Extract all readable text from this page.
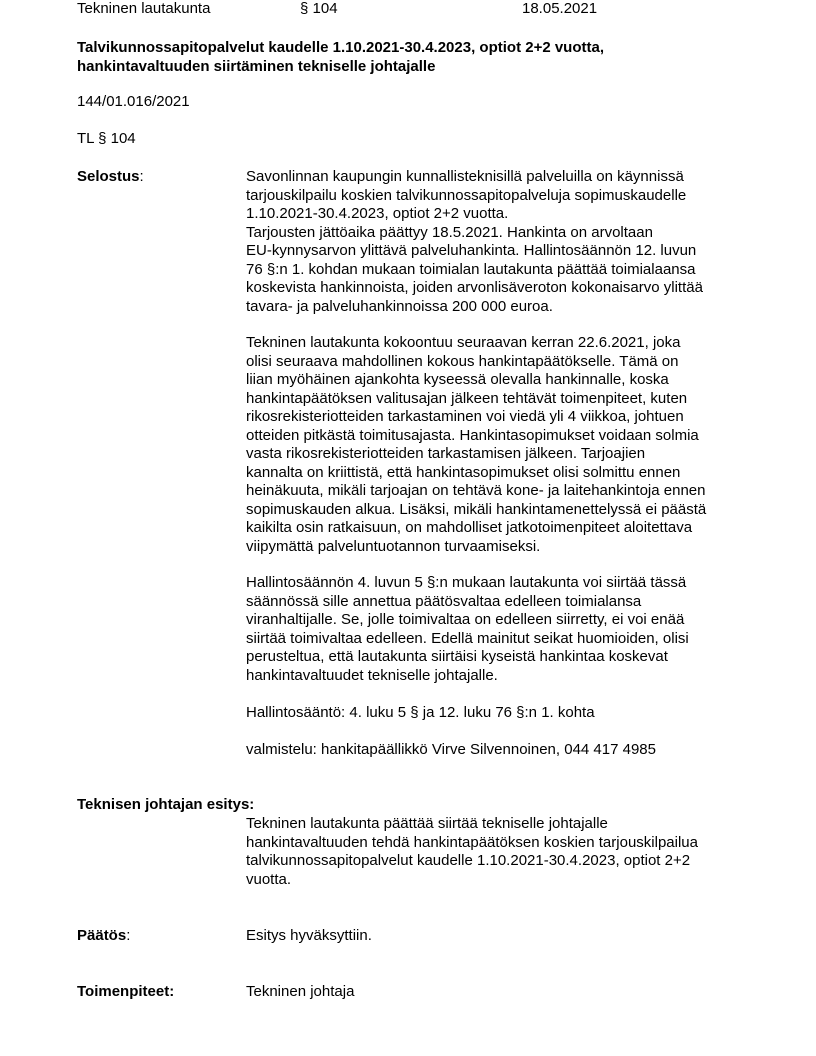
Tekninen lautakunta	§ 104	18.05.2021
Talvikunnossapitopalvelut kaudelle 1.10.2021-30.4.2023, optiot 2+2 vuotta,
hankintavaltuuden siirtäminen tekniselle johtajalle
144/01.016/2021
TL § 104
Selostus:	Savonlinnan kaupungin kunnallisteknisillä palveluilla on käynnissä
tarjouskilpailu koskien talvikunnossapitopalveluja sopimuskaudelle
1.10.2021-30.4.2023, optiot 2+2 vuotta.
Tarjousten jättöaika päättyy 18.5.2021. Hankinta on arvoltaan
EU-kynnysarvon ylittävä palveluhankinta. Hallintosäännön 12. luvun
76 §:n 1. kohdan mukaan toimialan lautakunta päättää toimialaansa
koskevista hankinnoista, joiden arvonlisäveroton kokonaisarvo ylittää
tavara- ja palveluhankinnoissa 200 000 euroa.
Tekninen lautakunta kokoontuu seuraavan kerran 22.6.2021, joka
olisi seuraava mahdollinen kokous hankintapäätökselle. Tämä on
liian myöhäinen ajankohta kyseessä olevalla hankinnalle, koska
hankintapäätöksen valitusajan jälkeen tehtävät toimenpiteet, kuten
rikosrekisteriotteiden tarkastaminen voi viedä yli 4 viikkoa, johtuen
otteiden pitkästä toimitusajasta. Hankintasopimukset voidaan solmia
vasta rikosrekisteriotteiden tarkastamisen jälkeen. Tarjoajien
kannalta on kriittistä, että hankintasopimukset olisi solmittu ennen
heinäkuuta, mikäli tarjoajan on tehtävä kone- ja laitehankintoja ennen
sopimuskauden alkua. Lisäksi, mikäli hankintamenettelyssä ei päästä
kaikilta osin ratkaisuun, on mahdolliset jatkotoimenpiteet aloitettava
viipymättä palveluntuotannon turvaamiseksi.
Hallintosäännön 4. luvun 5 §:n mukaan lautakunta voi siirtää tässä
säännössä sille annettua päätösvaltaa edelleen toimialansa
viranhaltijalle. Se, jolle toimivaltaa on edelleen siirretty, ei voi enää
siirtää toimivaltaa edelleen. Edellä mainitut seikat huomioiden, olisi
perusteltua, että lautakunta siirtäisi kyseistä hankintaa koskevat
hankintavaltuudet tekniselle johtajalle.
Hallintosääntö: 4. luku 5 § ja 12. luku 76 §:n 1. kohta
valmistelu: hankitapäällikkö Virve Silvennoinen, 044 417 4985
Teknisen johtajan esitys:
Tekninen lautakunta päättää siirtää tekniselle johtajalle
hankintavaltuuden tehdä hankintapäätöksen koskien tarjouskilpailua
talvikunnossapitopalvelut kaudelle 1.10.2021-30.4.2023, optiot 2+2
vuotta.
Päätös:	Esitys hyväksyttiin.
Toimenpiteet:	Tekninen johtaja
